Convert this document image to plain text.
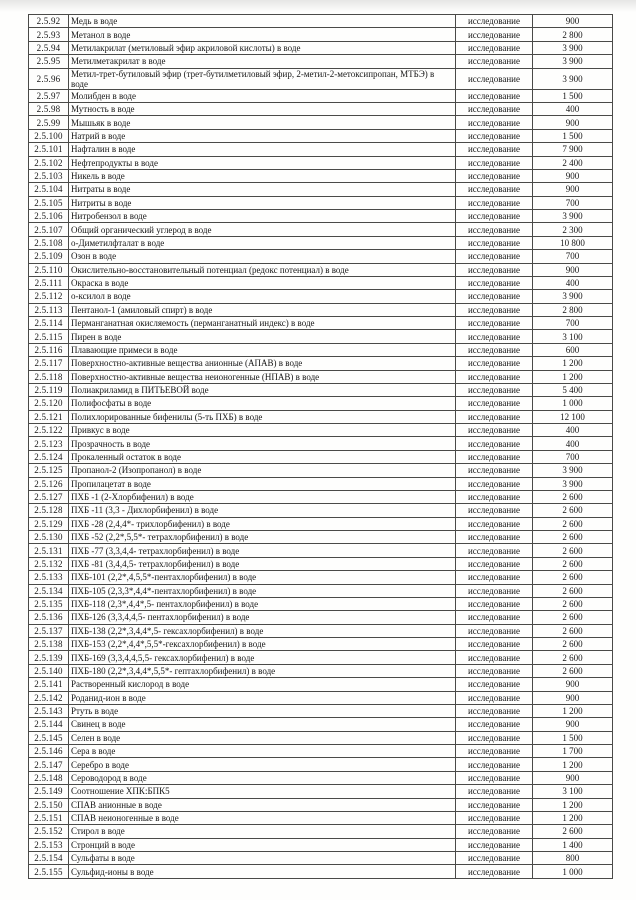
2.5.92	Медь в воде	исследование	900
2.5.93	Метанол в воде	исследование	2 800
2.5.94	Метилакрилат (метиловый эфир акриловой кислоты) в воде	исследование	3 900
2.5.95	Метилметакрилат в воде	исследование	3 900
2.5.96	Метил-трет-бутиловый эфир (трет-бутилметиловый эфир, 2-метил-2-метоксипропан, МТБЭ) в воде	исследование	3 900
2.5.97	Молибден в воде	исследование	1 500
2.5.98	Мутность в воде	исследование	400
2.5.99	Мышьяк в воде	исследование	900
2.5.100	Натрий в воде	исследование	1 500
2.5.101	Нафталин в воде	исследование	7 900
2.5.102	Нефтепродукты в воде	исследование	2 400
2.5.103	Никель в воде	исследование	900
2.5.104	Нитраты в воде	исследование	900
2.5.105	Нитриты в воде	исследование	700
2.5.106	Нитробензол в воде	исследование	3 900
2.5.107	Общий органический углерод в воде	исследование	2 300
2.5.108	о-Диметилфталат в воде	исследование	10 800
2.5.109	Озон в воде	исследование	700
2.5.110	Окислительно-восстановительный потенциал (редокс потенциал) в воде	исследование	900
2.5.111	Окраска в воде	исследование	400
2.5.112	о-ксилол в воде	исследование	3 900
2.5.113	Пентанол-1 (амиловый спирт) в воде	исследование	2 800
2.5.114	Перманганатная окисляемость (перманганатный индекс) в воде	исследование	700
2.5.115	Пирен в воде	исследование	3 100
2.5.116	Плавающие примеси в воде	исследование	600
2.5.117	Поверхностно-активные вещества анионные (АПАВ) в воде	исследование	1 200
2.5.118	Поверхностно-активные вещества неионогенные (НПАВ) в воде	исследование	1 200
2.5.119	Полиакриламид в ПИТЬЕВОЙ воде	исследование	5 400
2.5.120	Полифосфаты в воде	исследование	1 000
2.5.121	Полихлорированные бифенилы (5-ть ПХБ) в воде	исследование	12 100
2.5.122	Привкус в воде	исследование	400
2.5.123	Прозрачность в воде	исследование	400
2.5.124	Прокаленный остаток в воде	исследование	700
2.5.125	Пропанол-2 (Изопропанол) в воде	исследование	3 900
2.5.126	Пропилацетат в воде	исследование	3 900
2.5.127	ПХБ -1 (2-Хлорбифенил) в воде	исследование	2 600
2.5.128	ПХБ -11 (3,3 - Дихлорбифенил) в воде	исследование	2 600
2.5.129	ПХБ -28 (2,4,4*- трихлорбифенил) в воде	исследование	2 600
2.5.130	ПХБ -52 (2,2*,5,5*- тетрахлорбифенил) в воде	исследование	2 600
2.5.131	ПХБ -77 (3,3,4,4- тетрахлорбифенил) в воде	исследование	2 600
2.5.132	ПХБ -81 (3,4,4,5- тетрахлорбифенил) в воде	исследование	2 600
2.5.133	ПХБ-101 (2,2*,4,5,5*-пентахлорбифенил) в воде	исследование	2 600
2.5.134	ПХБ-105 (2,3,3*,4,4*-пентахлорбифенил) в воде	исследование	2 600
2.5.135	ПХБ-118 (2,3*,4,4*,5- пентахлорбифенил) в воде	исследование	2 600
2.5.136	ПХБ-126 (3,3,4,4,5- пентахлорбифенил) в воде	исследование	2 600
2.5.137	ПХБ-138 (2,2*,3,4,4*,5- гексахлорбифенил) в воде	исследование	2 600
2.5.138	ПХБ-153 (2,2*,4,4*,5,5*-гексахлорбифенил) в воде	исследование	2 600
2.5.139	ПХБ-169 (3,3,4,4,5,5- гексахлорбифенил) в воде	исследование	2 600
2.5.140	ПХБ-180 (2,2*,3,4,4*,5,5*- гептахлорбифенил) в воде	исследование	2 600
2.5.141	Растворенный кислород в воде	исследование	900
2.5.142	Роданид-ион в воде	исследование	900
2.5.143	Ртуть в воде	исследование	1 200
2.5.144	Свинец в воде	исследование	900
2.5.145	Селен в воде	исследование	1 500
2.5.146	Сера в воде	исследование	1 700
2.5.147	Серебро в воде	исследование	1 200
2.5.148	Сероводород в воде	исследование	900
2.5.149	Соотношение ХПК:БПК5	исследование	3 100
2.5.150	СПАВ анионные в воде	исследование	1 200
2.5.151	СПАВ неионогенные в воде	исследование	1 200
2.5.152	Стирол в воде	исследование	2 600
2.5.153	Стронций в воде	исследование	1 400
2.5.154	Сульфаты в воде	исследование	800
2.5.155	Сульфид-ионы в воде	исследование	1 000
